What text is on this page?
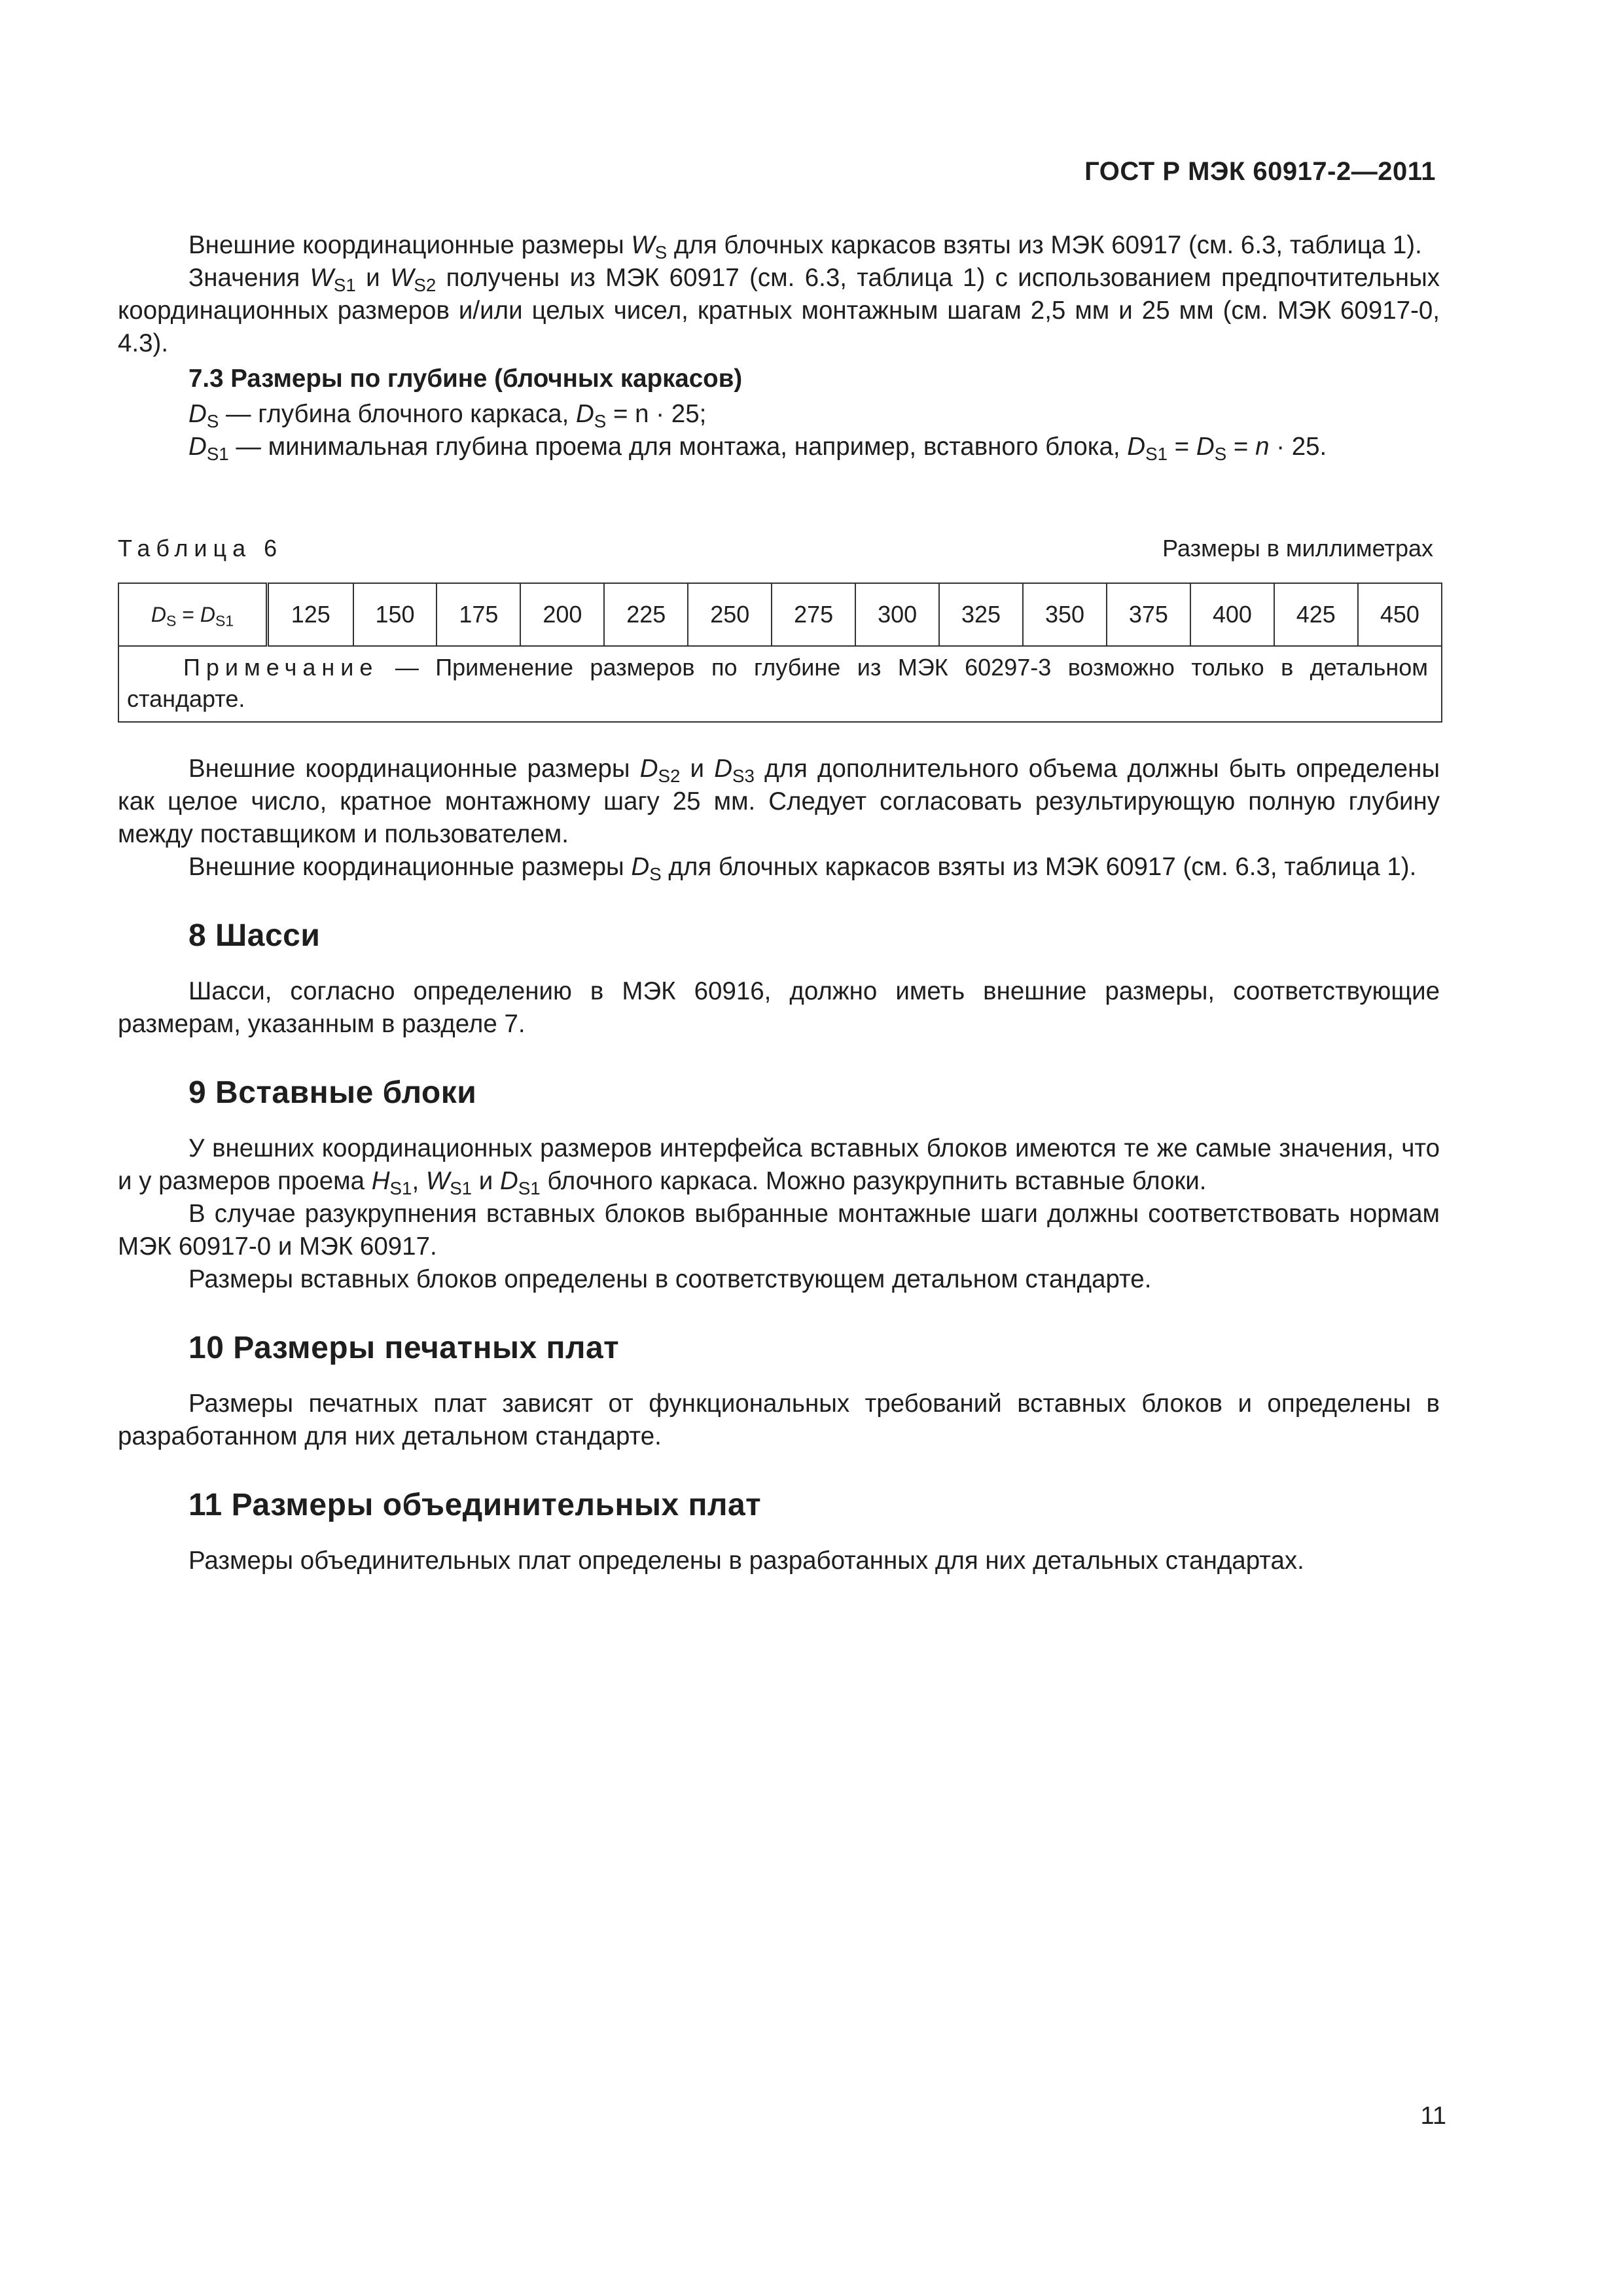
ГОСТ Р МЭК 60917-2—2011

Внешние координационные размеры $W_S$ для блочных каркасов взяты из МЭК 60917 (см. 6.3, таблица 1).

Значения $W_{S1}$ и $W_{S2}$ получены из МЭК 60917 (см. 6.3, таблица 1) с использованием предпочтительных координационных размеров и/или целых чисел, кратных монтажным шагам 2,5 мм и 25 мм (см. МЭК 60917-0, 4.3).

7.3 Размеры по глубине (блочных каркасов)

$D_S$ — глубина блочного каркаса, $D_S = n \cdot 25$;

$D_{S1}$ — минимальная глубина проема для монтажа, например, вставного блока, $D_{S1} = D_S = n \cdot 25$.

Таблица 6	Размеры в миллиметрах
$D_S = D_{S1}$	125	150	175	200	225	250	275	300	325	350	375	400	425	450
Примечание — Применение размеров по глубине из МЭК 60297-3 возможно только в детальном стандарте.

Внешние координационные размеры $D_{S2}$ и $D_{S3}$ для дополнительного объема должны быть определены как целое число, кратное монтажному шагу 25 мм. Следует согласовать результирующую полную глубину между поставщиком и пользователем.

Внешние координационные размеры $D_S$ для блочных каркасов взяты из МЭК 60917 (см. 6.3, таблица 1).

8 Шасси

Шасси, согласно определению в МЭК 60916, должно иметь внешние размеры, соответствующие размерам, указанным в разделе 7.

9 Вставные блоки

У внешних координационных размеров интерфейса вставных блоков имеются те же самые значения, что и у размеров проема $H_{S1}$, $W_{S1}$ и $D_{S1}$ блочного каркаса. Можно разукрупнить вставные блоки.

В случае разукрупнения вставных блоков выбранные монтажные шаги должны соответствовать нормам МЭК 60917-0 и МЭК 60917.

Размеры вставных блоков определены в соответствующем детальном стандарте.

10 Размеры печатных плат

Размеры печатных плат зависят от функциональных требований вставных блоков и определены в разработанном для них детальном стандарте.

11 Размеры объединительных плат

Размеры объединительных плат определены в разработанных для них детальных стандартах.

11
